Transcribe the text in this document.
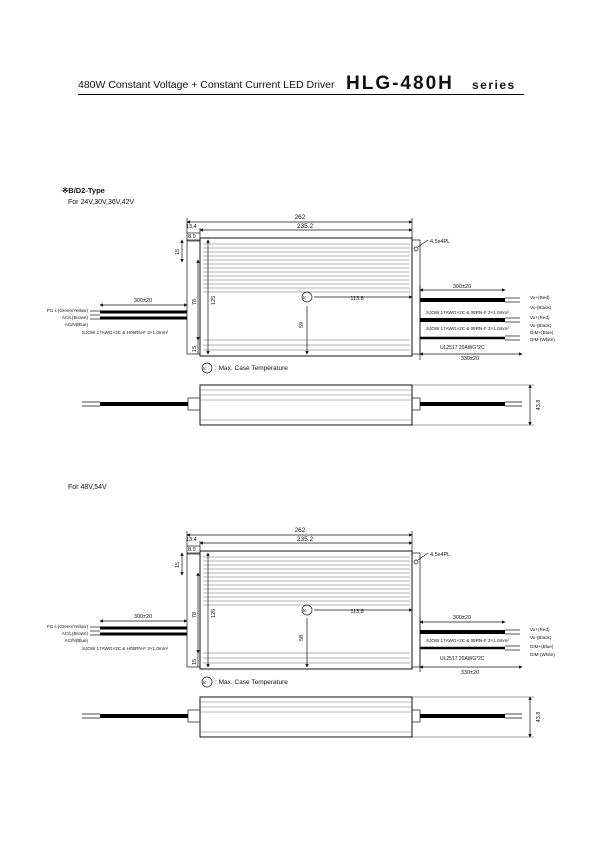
480W Constant Voltage + Constant Current LED Driver HLG-480H series
※B/D2-Type
For 24V,30V,36V,42V
For 48V,54V
262
235.2
13.4
8.9
15
78 125
15
59
113.8
tc
4.5x4PL
300±20
300±20
330±20
FG⏚(Green/Yellow)
AC/L(Brown)
AC/N(Blue)
SJOW 17AWG×3C & H05RN-F 3×1.0mm²
SJOW 17AWG×2C & 05RN-F 2×1.0mm²
SJOW 17AWG×2C & 05RN-F 2×1.0mm²
UL2517 20AWG*2C
Vo+(Red)
Vo-(Black)
Vo+(Red)
Vo-(Black)
DIM+(Blue)
DIM-(White)
tc : Max. Case Temperature
43.8
262
235.2
13.4
8.9
15
78 125
15
58
113.8
tc
4.5x4PL
300±20	300±20
330±20
FG⏚(Green/Yellow)
AC/L(Brown)
AC/N(Blue)
SJOW 17AWG×3C & H05RN-F 3×1.0mm²
SJOW 17AWG×2C & 05RN-F 2×1.0mm²
UL2517 20AWG*2C
Vo+(Red)
Vo-(Black)
DIM+(Blue)
DIM-(White)
tc : Max. Case Temperature
43.8
